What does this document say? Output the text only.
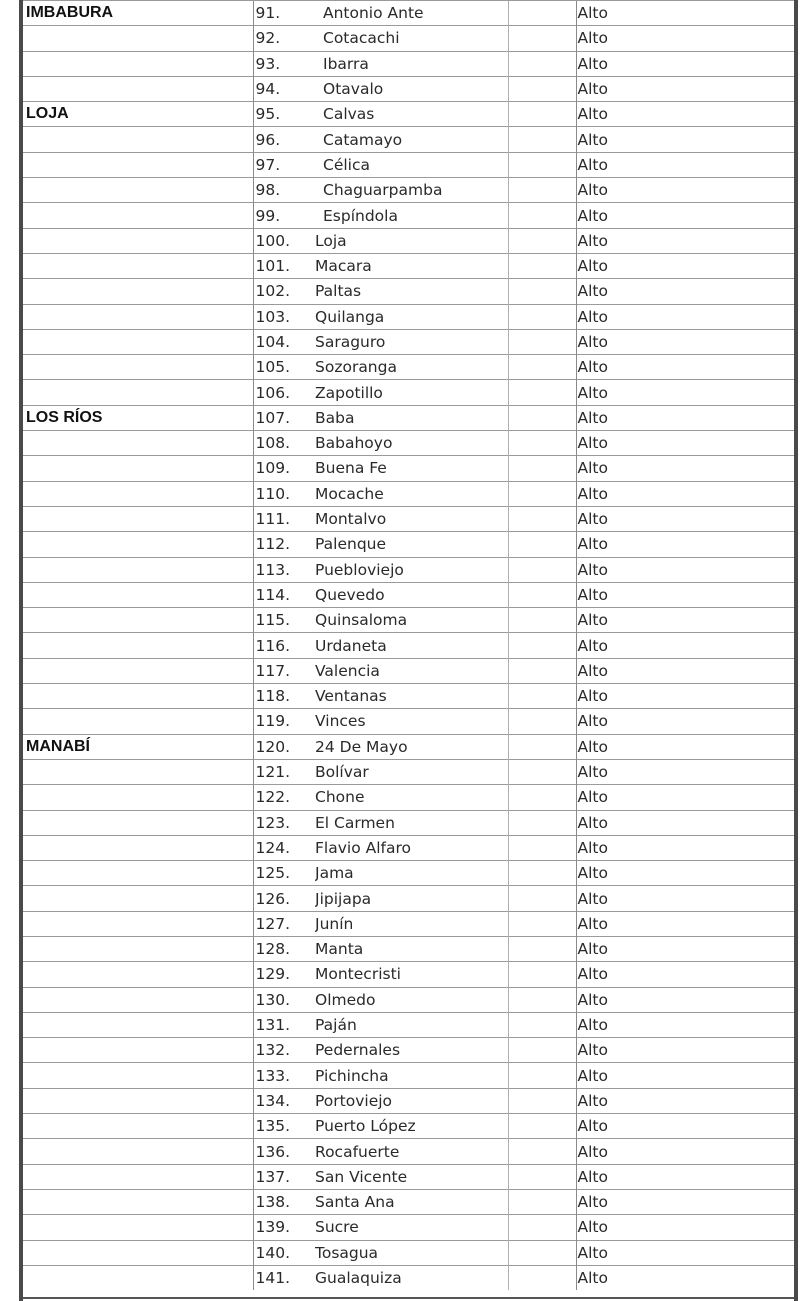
IMBABURA	91.	Antonio Ante		Alto
	92.	Cotacachi		Alto
	93.	Ibarra		Alto
	94.	Otavalo		Alto
LOJA	95.	Calvas		Alto
	96.	Catamayo		Alto
	97.	Célica		Alto
	98.	Chaguarpamba		Alto
	99.	Espíndola		Alto
	100.	Loja		Alto
	101.	Macara		Alto
	102.	Paltas		Alto
	103.	Quilanga		Alto
	104.	Saraguro		Alto
	105.	Sozoranga		Alto
	106.	Zapotillo		Alto
LOS RÍOS	107.	Baba		Alto
	108.	Babahoyo		Alto
	109.	Buena Fe		Alto
	110.	Mocache		Alto
	111.	Montalvo		Alto
	112.	Palenque		Alto
	113.	Puebloviejo		Alto
	114.	Quevedo		Alto
	115.	Quinsaloma		Alto
	116.	Urdaneta		Alto
	117.	Valencia		Alto
	118.	Ventanas		Alto
	119.	Vinces		Alto
MANABÍ	120.	24 De Mayo		Alto
	121.	Bolívar		Alto
	122.	Chone		Alto
	123.	El Carmen		Alto
	124.	Flavio Alfaro		Alto
	125.	Jama		Alto
	126.	Jipijapa		Alto
	127.	Junín		Alto
	128.	Manta		Alto
	129.	Montecristi		Alto
	130.	Olmedo		Alto
	131.	Paján		Alto
	132.	Pedernales		Alto
	133.	Pichincha		Alto
	134.	Portoviejo		Alto
	135.	Puerto López		Alto
	136.	Rocafuerte		Alto
	137.	San Vicente		Alto
	138.	Santa Ana		Alto
	139.	Sucre		Alto
	140.	Tosagua		Alto
	141.	Gualaquiza		Alto
